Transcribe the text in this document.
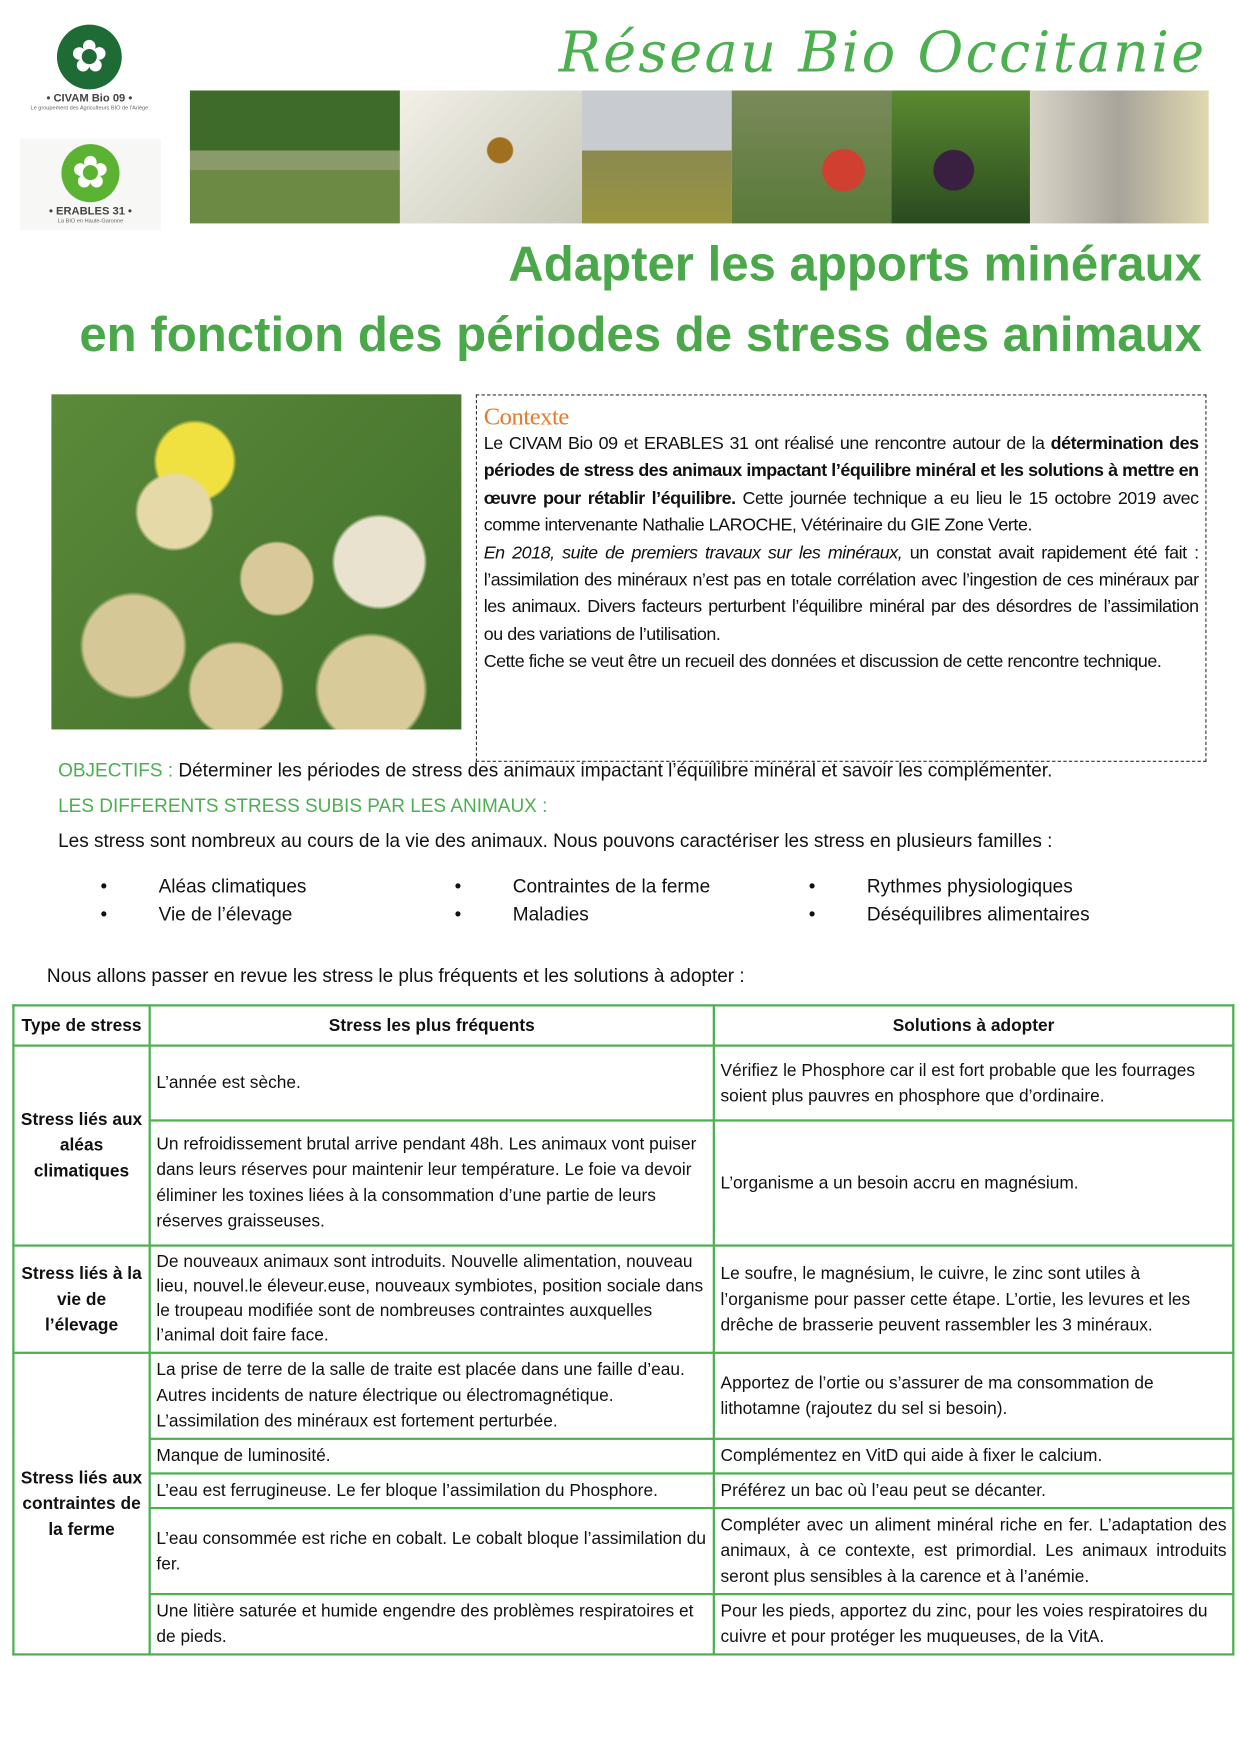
✿
• CIVAM Bio 09 •
Le groupement des Agriculteurs BIO de l'Ariège
✿
• ERABLES 31 •
La BIO en Haute-Garonne
Réseau Bio Occitanie
Adapter les apports minéraux
en fonction des périodes de stress des animaux
Contexte

Le CIVAM Bio 09 et ERABLES 31 ont réalisé une rencontre autour de la détermination des périodes de stress des animaux impactant l’équilibre minéral et les solutions à mettre en œuvre pour rétablir l’équilibre. Cette journée technique a eu lieu le 15 octobre 2019 avec comme intervenante Nathalie LAROCHE, Vétérinaire du GIE Zone Verte.

En 2018, suite de premiers travaux sur les minéraux, un constat avait rapidement été fait : l’assimilation des minéraux n’est pas en totale corrélation avec l’ingestion de ces minéraux par les animaux. Divers facteurs perturbent l’équilibre minéral par des désordres de l’assimilation ou des variations de l’utilisation.

Cette fiche se veut être un recueil des données et discussion de cette rencontre technique.

OBJECTIFS : Déterminer les périodes de stress des animaux impactant l’équilibre minéral et savoir les complémenter.
LES DIFFERENTS STRESS SUBIS PAR LES ANIMAUX :
Les stress sont nombreux au cours de la vie des animaux. Nous pouvons caractériser les stress en plusieurs familles :
•	Aléas climatiques
•	Vie de l’élevage
•	Contraintes de la ferme
•	Maladies
•	Rythmes physiologiques
•	Déséquilibres alimentaires
Nous allons passer en revue les stress le plus fréquents et les solutions à adopter :
Type de stress	Stress les plus fréquents	Solutions à adopter
Stress liés aux aléas climatiques	L’année est sèche.	Vérifiez le Phosphore car il est fort probable que les fourrages soient plus pauvres en phosphore que d’ordinaire.
	Un refroidissement brutal arrive pendant 48h. Les animaux vont puiser dans leurs réserves pour maintenir leur température. Le foie va devoir éliminer les toxines liées à la consommation d’une partie de leurs réserves graisseuses.	L’organisme a un besoin accru en magnésium.
Stress liés à la vie de l’élevage	De nouveaux animaux sont introduits. Nouvelle alimentation, nouveau lieu, nouvel.le éleveur.euse, nouveaux symbiotes, position sociale dans le troupeau modifiée sont de nombreuses contraintes auxquelles l’animal doit faire face.	Le soufre, le magnésium, le cuivre, le zinc sont utiles à l’organisme pour passer cette étape. L’ortie, les levures et les drêche de brasserie peuvent rassembler les 3 minéraux.
Stress liés aux contraintes de la ferme	La prise de terre de la salle de traite est placée dans une faille d’eau. Autres incidents de nature électrique ou électromagnétique. L’assimilation des minéraux est fortement perturbée.	Apportez de l’ortie ou s’assurer de ma consommation de lithotamne (rajoutez du sel si besoin).
	Manque de luminosité.	Complémentez en VitD qui aide à fixer le calcium.
	L’eau est ferrugineuse. Le fer bloque l’assimilation du Phosphore.	Préférez un bac où l’eau peut se décanter.
	L’eau consommée est riche en cobalt. Le cobalt bloque l’assimilation du fer.	Compléter avec un aliment minéral riche en fer. L’adaptation des animaux, à ce contexte, est primordial. Les animaux introduits seront plus sensibles à la carence et à l’anémie.
	Une litière saturée et humide engendre des problèmes respiratoires et de pieds.	Pour les pieds, apportez du zinc, pour les voies respiratoires du cuivre et pour protéger les muqueuses, de la VitA.
